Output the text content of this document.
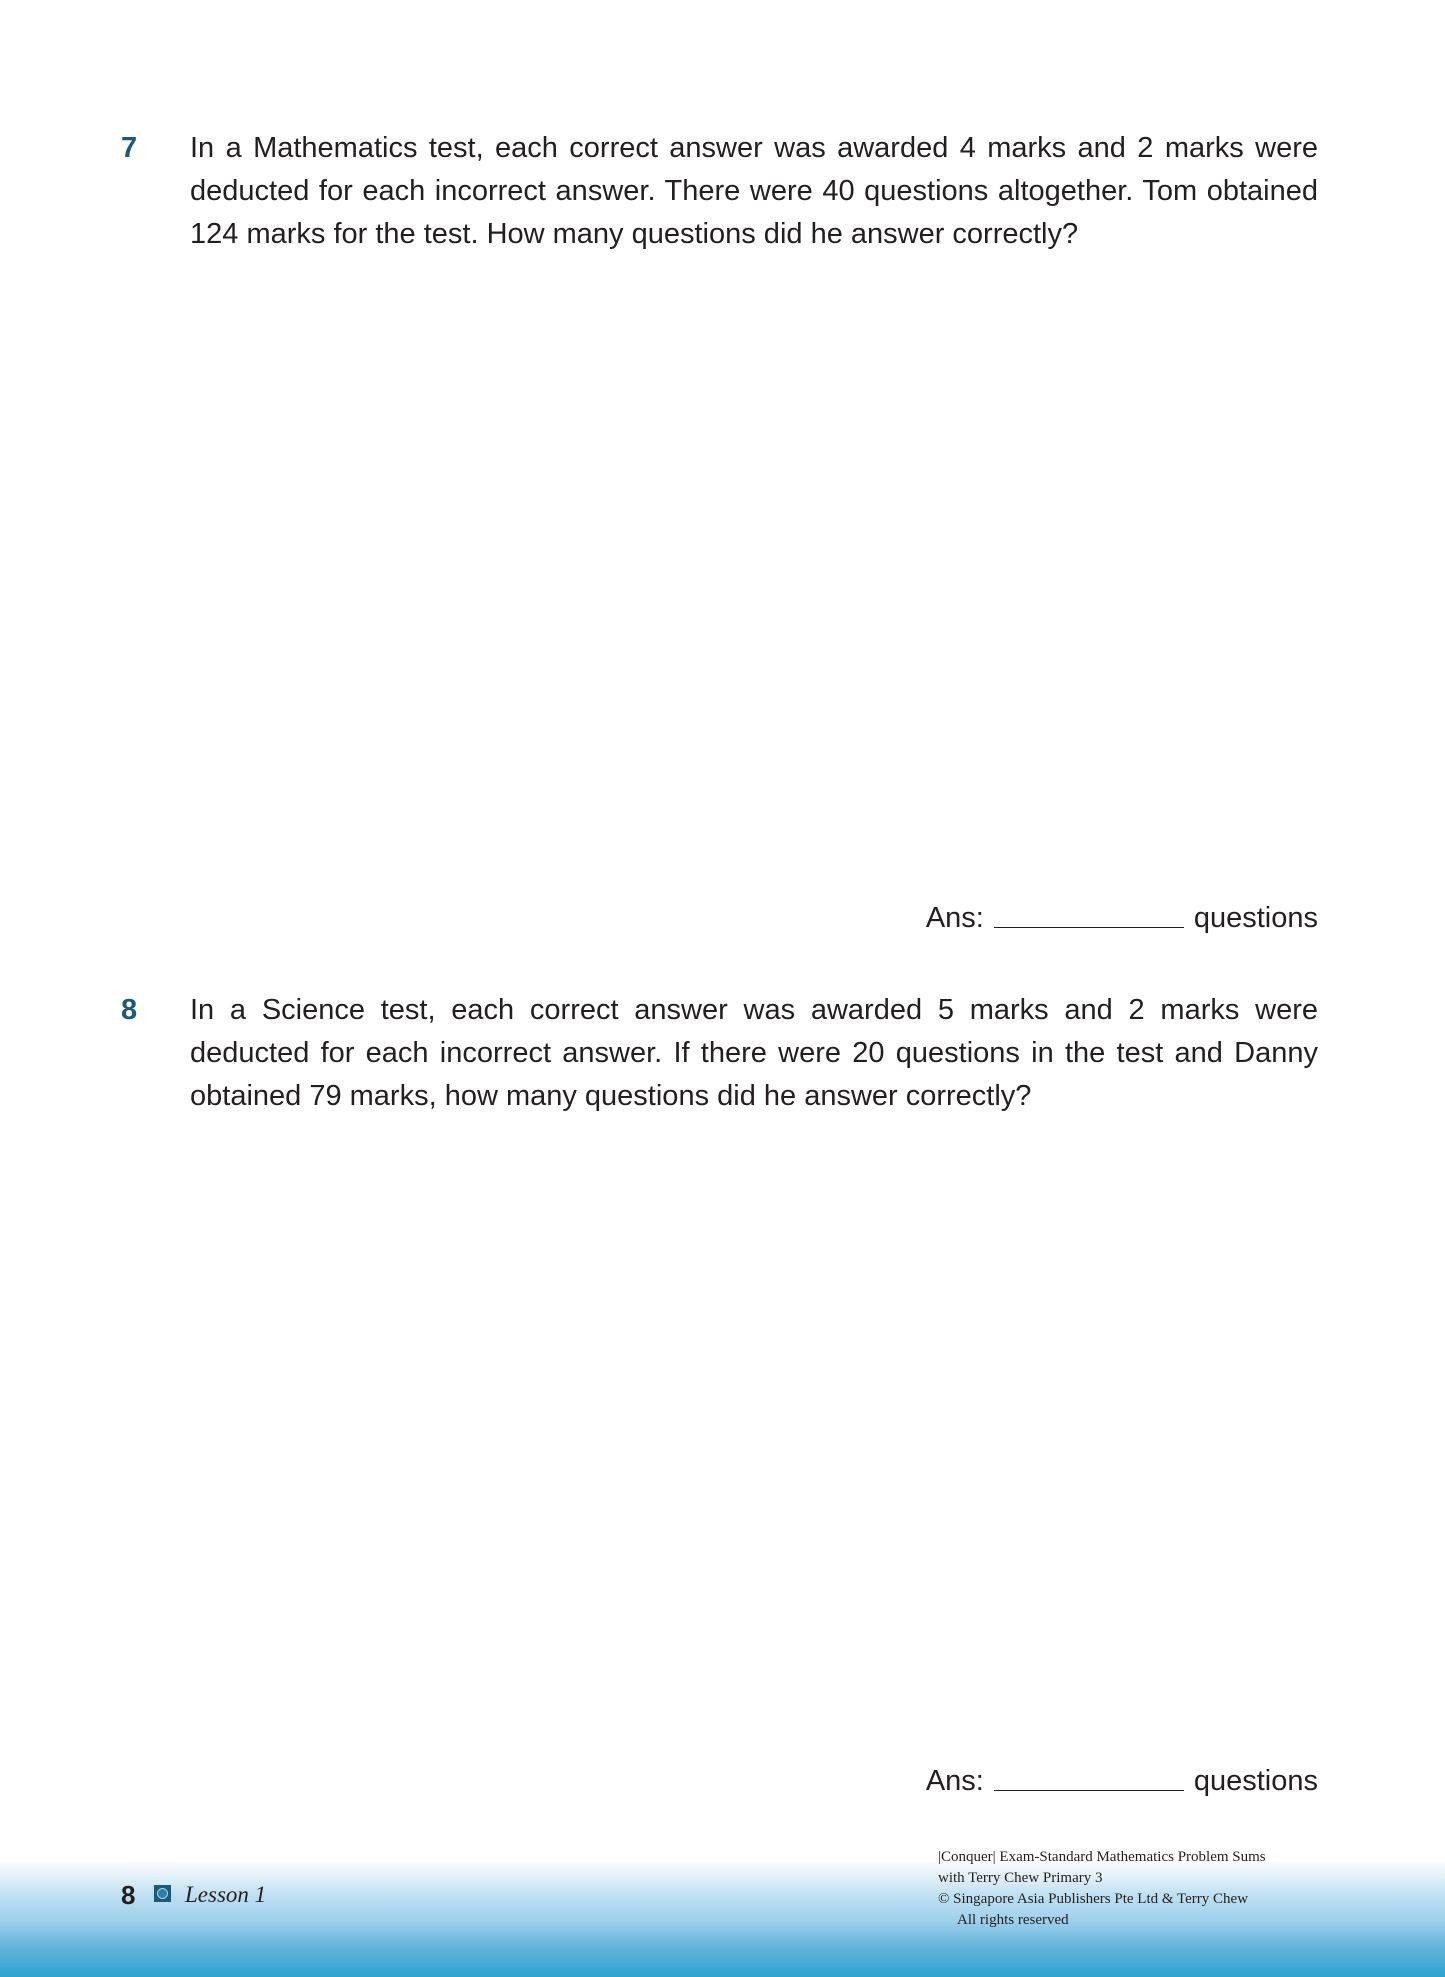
7 In a Mathematics test, each correct answer was awarded 4 marks and 2 marks were deducted for each incorrect answer. There were 40 questions altogether. Tom obtained 124 marks for the test. How many questions did he answer correctly?
Ans:	questions
8 In a Science test, each correct answer was awarded 5 marks and 2 marks were deducted for each incorrect answer. If there were 20 questions in the test and Danny obtained 79 marks, how many questions did he answer correctly?
Ans:	questions
8 Lesson 1
|Conquer| Exam-Standard Mathematics Problem Sums
with Terry Chew Primary 3
© Singapore Asia Publishers Pte Ltd & Terry Chew
All rights reserved
